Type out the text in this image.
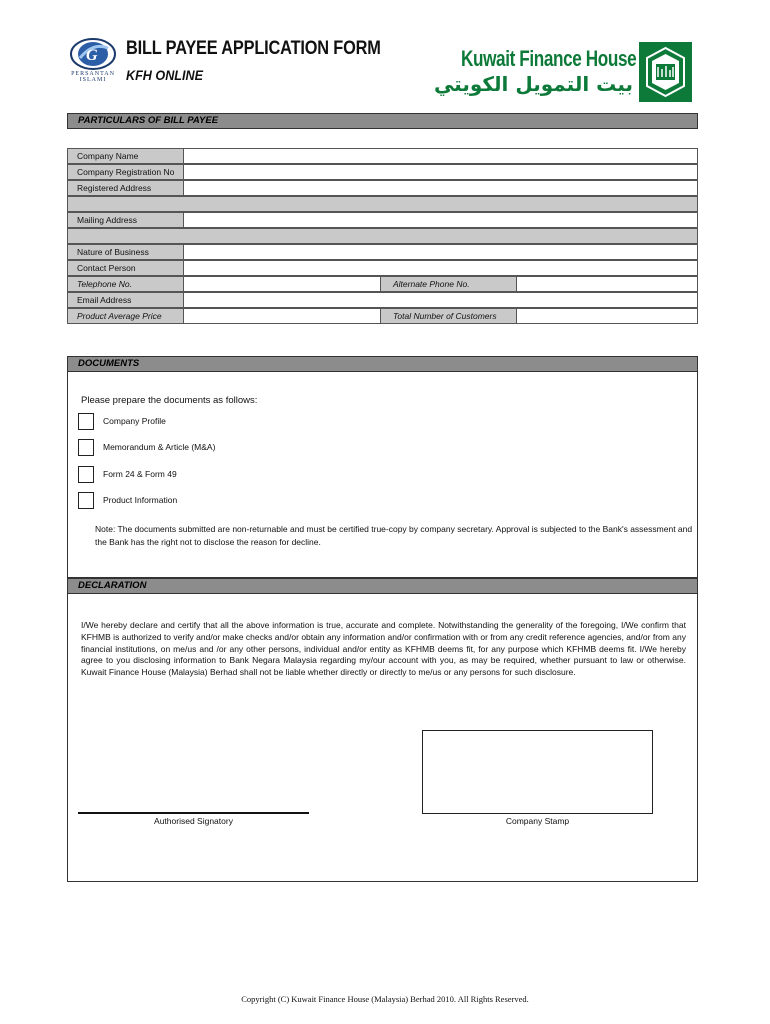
G
PERSANTAN
ISLAMI
BILL PAYEE APPLICATION FORM
KFH ONLINE
Kuwait Finance House
بيت التمويل الكويتي
PARTICULARS OF BILL PAYEE
Company Name
Company Registration No
Registered Address
Mailing Address
Nature of Business
Contact Person
Telephone No.	Alternate Phone No.
Email Address
Product Average Price	Total Number of Customers
DOCUMENTS
Please prepare the documents as follows:
Company Profile
Memorandum & Article (M&A)
Form 24 & Form 49
Product Information
Note: The documents submitted are non-returnable and must be certified true-copy by company secretary. Approval is subjected to the Bank's assessment and the Bank has the right not to disclose the reason for decline.
DECLARATION
I/We hereby declare and certify that all the above information is true, accurate and complete. Notwithstanding the generality of the foregoing, I/We confirm that KFHMB is authorized to verify and/or make checks and/or obtain any information and/or confirmation with or from any credit reference agencies, and/or from any financial institutions, on me/us and /or any other persons, individual and/or entity as KFHMB deems fit, for any purpose which KFHMB deems fit. I/We hereby agree to you disclosing information to Bank Negara Malaysia regarding my/our account with you, as may be required, whether pursuant to law or otherwise. Kuwait Finance House (Malaysia) Berhad shall not be liable whether directly or directly to me/us or any persons for such disclosure.
Authorised Signatory	Company Stamp
Copyright (C) Kuwait Finance House (Malaysia) Berhad 2010. All Rights Reserved.
